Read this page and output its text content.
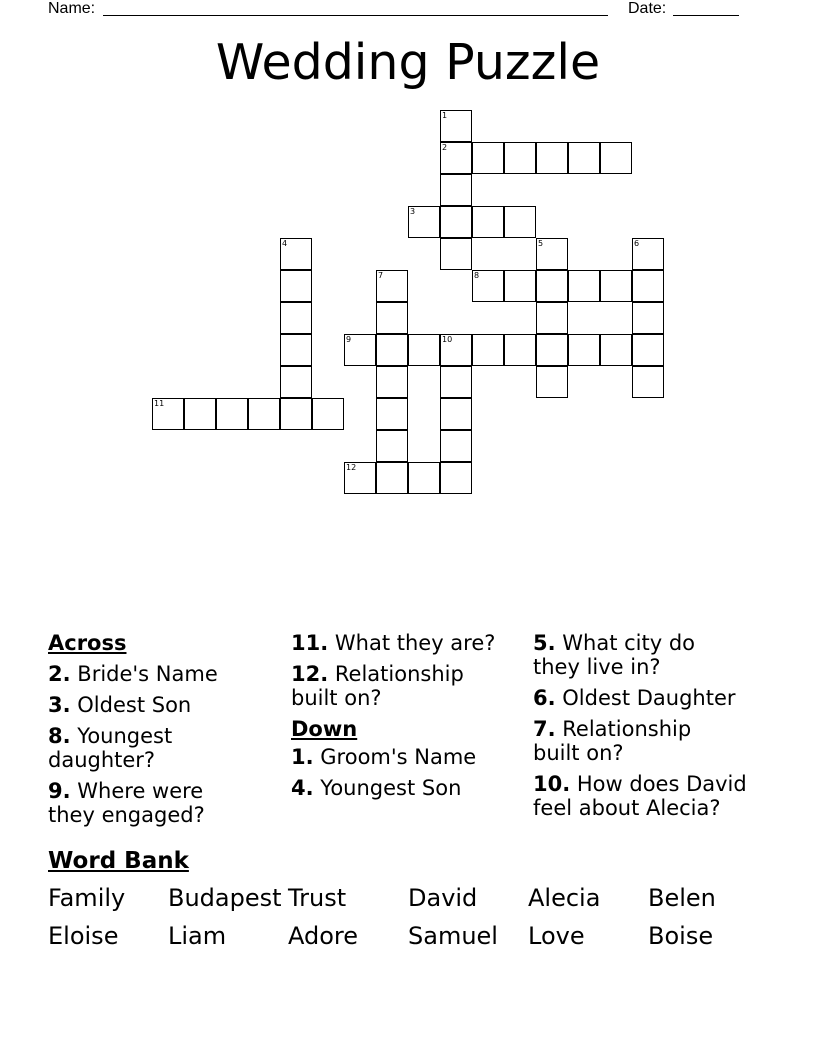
Name:	Date:
Wedding Puzzle
1
2
3
4	5	6
7	8
9	10
11
12
Across
2. Bride's Name
3. Oldest Son
8. Youngest daughter?
9. Where were they engaged?
11. What they are?
12. Relationship built on?
Down
1. Groom's Name
4. Youngest Son
5. What city do they live in?
6. Oldest Daughter
7. Relationship built on?
10. How does David feel about Alecia?
Word Bank
Family Budapest Trust	David Alecia Belen
Eloise Liam	Adore Samuel Love	Boise
